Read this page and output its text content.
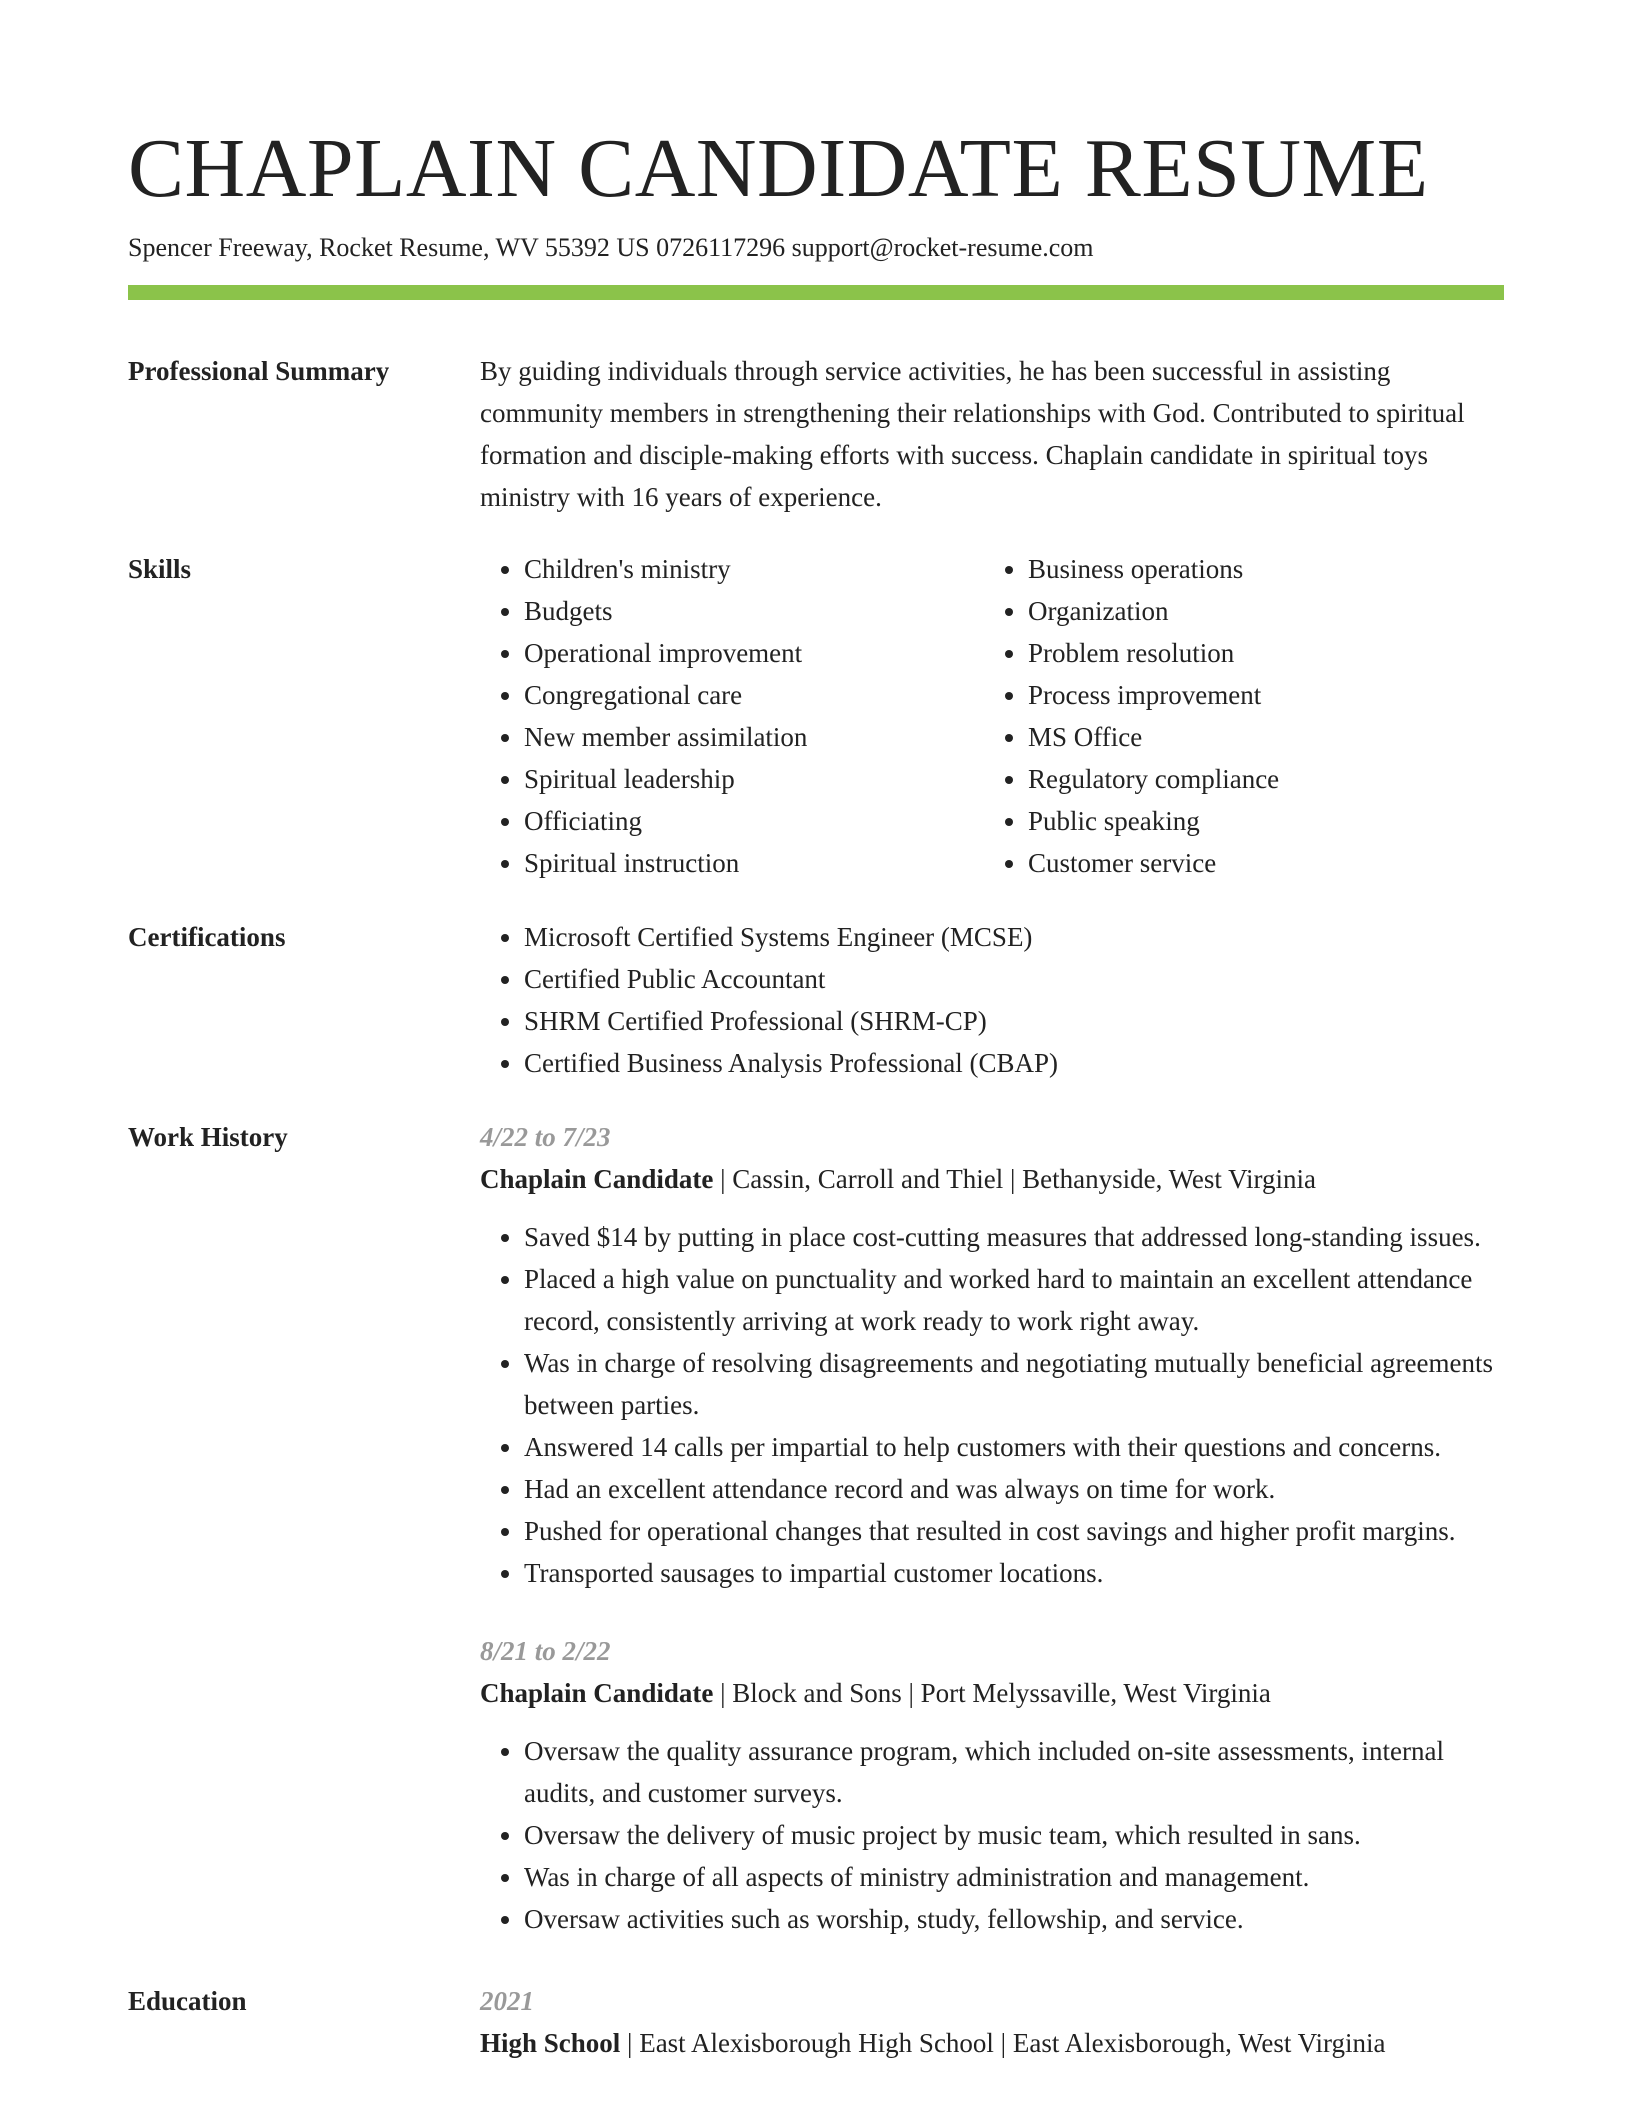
CHAPLAIN CANDIDATE RESUME
Spencer Freeway, Rocket Resume, WV 55392 US 0726117296 support@rocket-resume.com
Professional Summary	By guiding individuals through service activities, he has been successful in assisting community members in strengthening their relationships with God. Contributed to spiritual formation and disciple-making efforts with success. Chaplain candidate in spiritual toys ministry with 16 years of experience.

Skills	• Children's ministry
• Budgets
• Operational improvement
• Congregational care
• New member assimilation
• Spiritual leadership
• Officiating
• Spiritual instruction
• Business operations
• Organization
• Problem resolution
• Process improvement
• MS Office
• Regulatory compliance
• Public speaking
• Customer service
Certifications	• Microsoft Certified Systems Engineer (MCSE)
• Certified Public Accountant
• SHRM Certified Professional (SHRM-CP)
• Certified Business Analysis Professional (CBAP)
Work History	4/22 to 7/23
Chaplain Candidate | Cassin, Carroll and Thiel | Bethanyside, West Virginia
• Saved $14 by putting in place cost-cutting measures that addressed long-standing issues.
• Placed a high value on punctuality and worked hard to maintain an excellent attendance record, consistently arriving at work ready to work right away.
• Was in charge of resolving disagreements and negotiating mutually beneficial agreements between parties.
• Answered 14 calls per impartial to help customers with their questions and concerns.
• Had an excellent attendance record and was always on time for work.
• Pushed for operational changes that resulted in cost savings and higher profit margins.
• Transported sausages to impartial customer locations.
8/21 to 2/22
Chaplain Candidate | Block and Sons | Port Melyssaville, West Virginia
• Oversaw the quality assurance program, which included on-site assessments, internal audits, and customer surveys.
• Oversaw the delivery of music project by music team, which resulted in sans.
• Was in charge of all aspects of ministry administration and management.
• Oversaw activities such as worship, study, fellowship, and service.
Education	2021
High School | East Alexisborough High School | East Alexisborough, West Virginia
